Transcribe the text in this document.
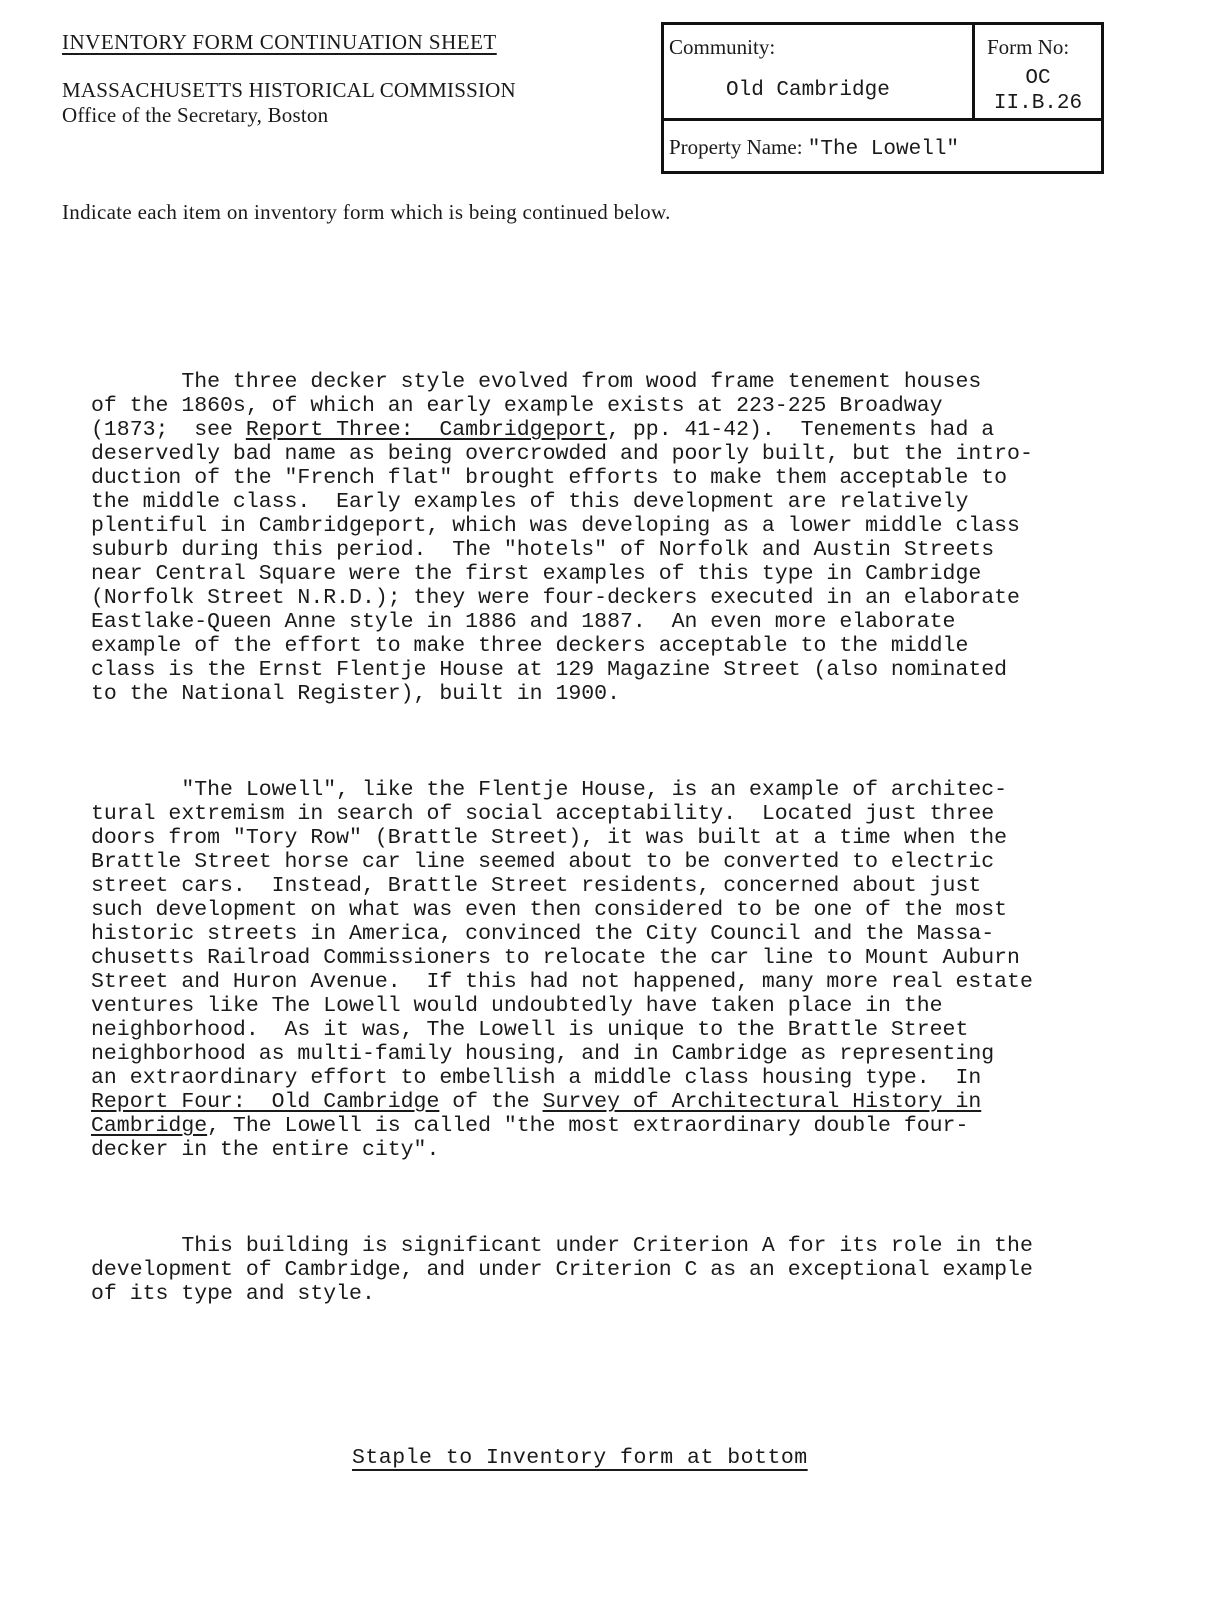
INVENTORY FORM CONTINUATION SHEET
MASSACHUSETTS HISTORICAL COMMISSION
Office of the Secretary, Boston
Community:
Old Cambridge
Form No:
OC
II.B.26
Property Name: "The Lowell"
Indicate each item on inventory form which is being continued below.

The three decker style evolved from wood frame tenement houses
of the 1860s, of which an early example exists at 223-225 Broadway
(1873;  see Report Three:  Cambridgeport, pp. 41-42).  Tenements had a
deservedly bad name as being overcrowded and poorly built, but the intro-
duction of the "French flat" brought efforts to make them acceptable to
the middle class.  Early examples of this development are relatively
plentiful in Cambridgeport, which was developing as a lower middle class
suburb during this period.  The "hotels" of Norfolk and Austin Streets
near Central Square were the first examples of this type in Cambridge
(Norfolk Street N.R.D.); they were four-deckers executed in an elaborate
Eastlake-Queen Anne style in 1886 and 1887.  An even more elaborate
example of the effort to make three deckers acceptable to the middle
class is the Ernst Flentje House at 129 Magazine Street (also nominated
to the National Register), built in 1900.

"The Lowell", like the Flentje House, is an example of architec-
tural extremism in search of social acceptability.  Located just three
doors from "Tory Row" (Brattle Street), it was built at a time when the
Brattle Street horse car line seemed about to be converted to electric
street cars.  Instead, Brattle Street residents, concerned about just
such development on what was even then considered to be one of the most
historic streets in America, convinced the City Council and the Massa-
chusetts Railroad Commissioners to relocate the car line to Mount Auburn
Street and Huron Avenue.  If this had not happened, many more real estate
ventures like The Lowell would undoubtedly have taken place in the
neighborhood.  As it was, The Lowell is unique to the Brattle Street
neighborhood as multi-family housing, and in Cambridge as representing
an extraordinary effort to embellish a middle class housing type.  In
Report Four:  Old Cambridge of the Survey of Architectural History in
Cambridge, The Lowell is called "the most extraordinary double four-
decker in the entire city".

This building is significant under Criterion A for its role in the
development of Cambridge, and under Criterion C as an exceptional example
of its type and style.

Staple to Inventory form at bottom
